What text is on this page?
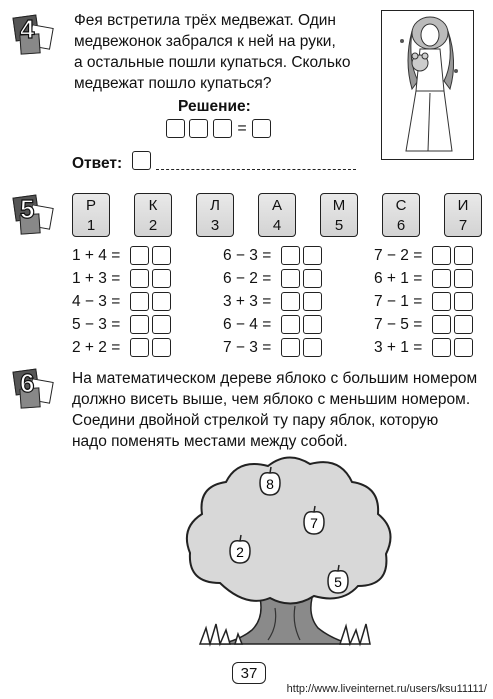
4	Фея встретила трёх медвежат. Один
медвежонок забрался к ней на руки,
а остальные пошли купаться. Сколько
медвежат пошло купаться?
Решение:
=
Ответ:
5	Р
1
К
2
Л
3
А
4
М
5
С
6
И
7
1 + 4 =
1 + 3 =
4 − 3 =
5 − 3 =
2 + 2 =
6 − 3 =
6 − 2 =
3 + 3 =
6 − 4 =
7 − 3 =
7 − 2 =
6 + 1 =
7 − 1 =
7 − 5 =
3 + 1 =
6 На математическом дереве яблоко с большим номером
должно висеть выше, чем яблоко с меньшим номером.
Соедини двойной стрелкой ту пару яблок, которую
надо поменять местами между собой.
8
7
2
5
37
http://www.liveinternet.ru/users/ksu11111/
